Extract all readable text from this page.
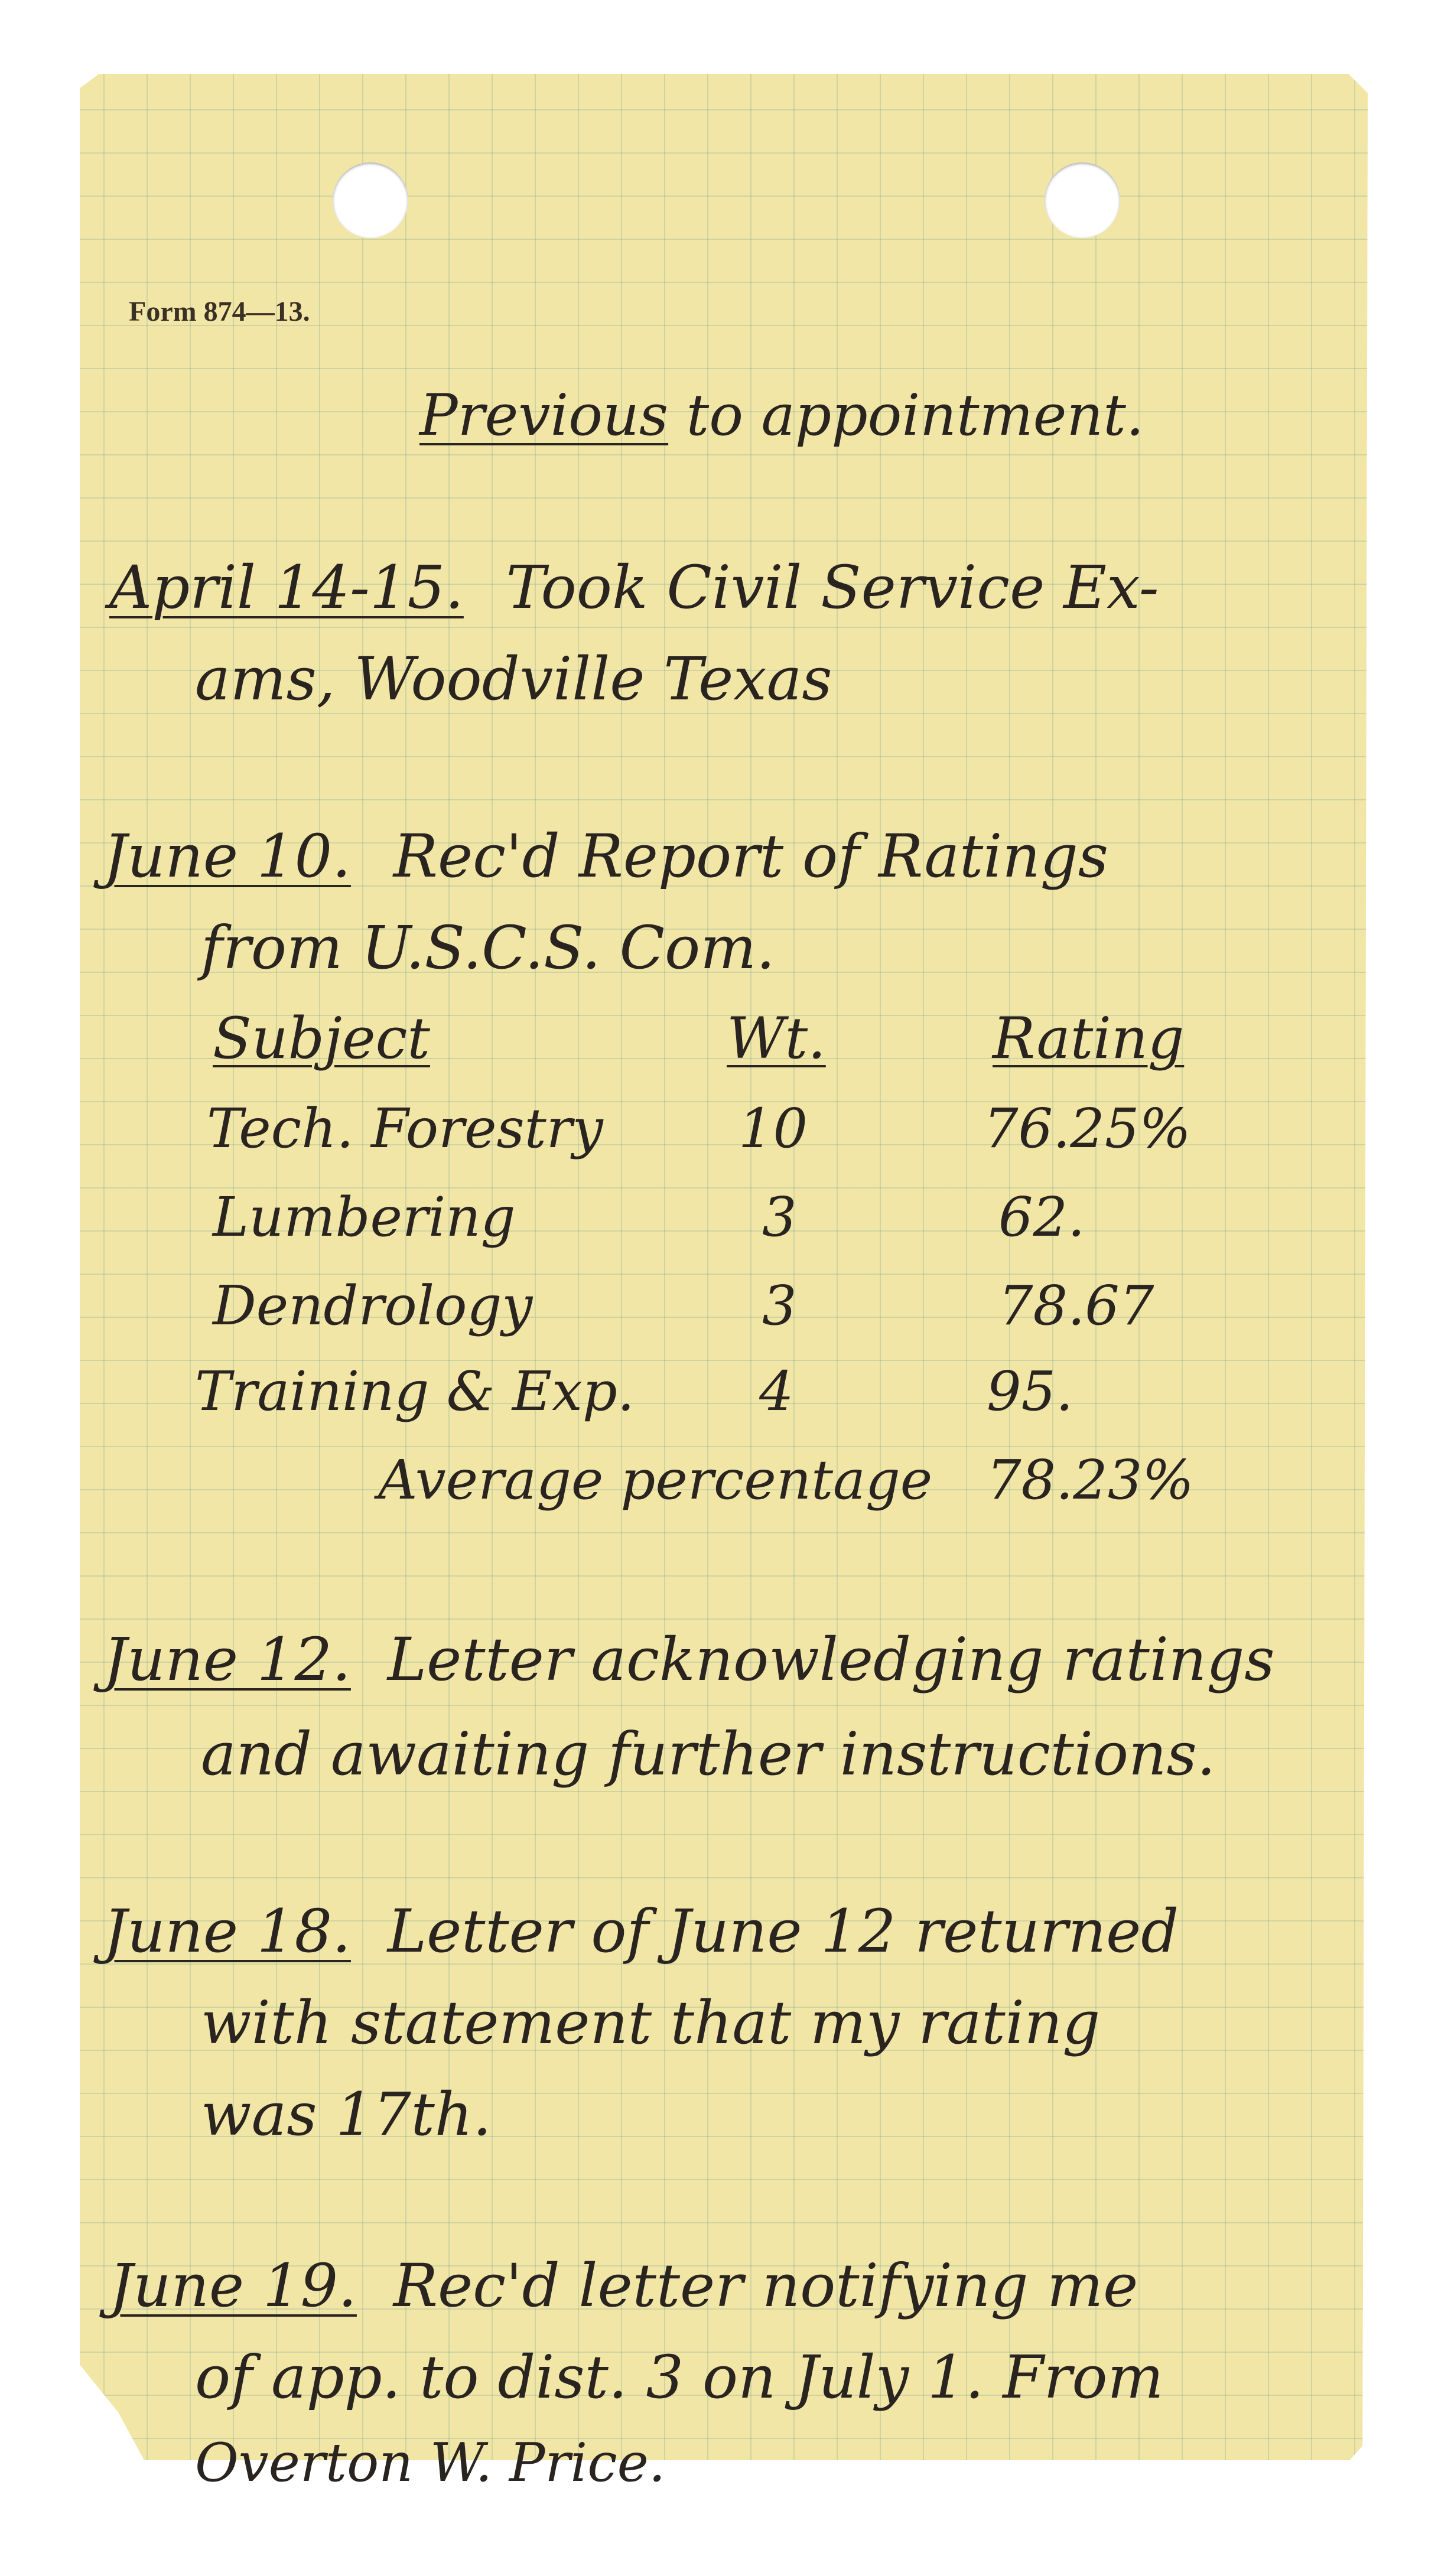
Form 874—13.
Previous to appointment.
April 14-15. Took Civil Service Ex-
ams, Woodville Texas
June 10. Rec'd Report of Ratings
from U.S.C.S. Com.
Subject	Wt.	Rating
Tech. Forestry 10	76.25%
Lumbering	3	62.
Dendrology	3	78.67
Training & Exp. 4	95.
Average percentage 78.23%
June 12. Letter acknowledging ratings
and awaiting further instructions.
June 18. Letter of June 12 returned
with statement that my rating
was 17th.
June 19. Rec'd letter notifying me
of app. to dist. 3 on July 1. From
Overton W. Price.
